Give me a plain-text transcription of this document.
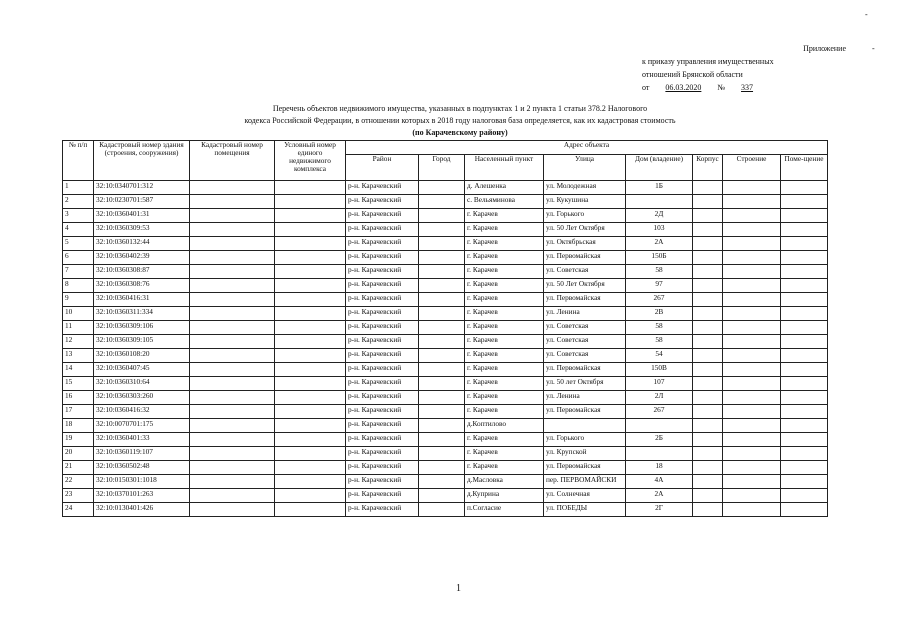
-
-
Приложение
к приказу управления имущественных
отношений Брянской области
от 06.03.2020 № 337
Перечень объектов недвижимого имущества, указанных в подпунктах 1 и 2 пункта 1 статьи 378.2 Налогового
кодекса Российской Федерации, в отношении которых в 2018 году налоговая база определяется, как их кадастровая стоимость
(по Карачевскому району)
№ п/п	Кадастровый номер здания (строения, сооружения)	Кадастровый номер помещения	Условный номер единого недвижимого комплекса	Адрес объекта							
				Район	Город	Населенный пункт	Улица	Дом (владение)	Корпус	Строение	Поме-щение
1	32:10:0340701:312			р-н. Карачевский		д. Алешенка	ул. Молодежная	1Б			
2	32:10:0230701:587			р-н. Карачевский		с. Вельяминова	ул. Кукушина				
3	32:10:0360401:31			р-н. Карачевский		г. Карачев	ул. Горького	2Д			
4	32:10:0360309:53			р-н. Карачевский		г. Карачев	ул. 50 Лет Октября	103			
5	32:10:0360132:44			р-н. Карачевский		г. Карачев	ул. Октябрьская	2А			
6	32:10:0360402:39			р-н. Карачевский		г. Карачев	ул. Первомайская	150Б			
7	32:10:0360308:87			р-н. Карачевский		г. Карачев	ул. Советская	58			
8	32:10:0360308:76			р-н. Карачевский		г. Карачев	ул. 50 Лет Октября	97			
9	32:10:0360416:31			р-н. Карачевский		г. Карачев	ул. Первомайская	267			
10	32:10:0360311:334			р-н. Карачевский		г. Карачев	ул. Ленина	2В			
11	32:10:0360309:106			р-н. Карачевский		г. Карачев	ул. Советская	58			
12	32:10:0360309:105			р-н. Карачевский		г. Карачев	ул. Советская	58			
13	32:10:0360108:20			р-н. Карачевский		г. Карачев	ул. Советская	54			
14	32:10:0360407:45			р-н. Карачевский		г. Карачев	ул. Первомайская	150В			
15	32:10:0360310:64			р-н. Карачевский		г. Карачев	ул. 50 лет Октября	107			
16	32:10:0360303:260			р-н. Карачевский		г. Карачев	ул. Ленина	2Л			
17	32:10:0360416:32			р-н. Карачевский		г. Карачев	ул. Первомайская	267			
18	32:10:0070701:175			р-н. Карачевский		д.Коптилово					
19	32:10:0360401:33			р-н. Карачевский		г. Карачев	ул. Горького	2Б			
20	32:10:0360119:107			р-н. Карачевский		г. Карачев	ул. Крупской				
21	32:10:0360502:48			р-н. Карачевский		г. Карачев	ул. Первомайская	18			
22	32:10:0150301:1018			р-н. Карачевский		д.Масловка	пер. ПЕРВОМАЙСКИ	4А			
23	32:10:0370101:263			р-н. Карачевский		д.Куприна	ул. Солнечная	2А			
24	32:10:0130401:426			р-н. Карачевский		п.Согласие	ул. ПОБЕДЫ	2Г			
1
